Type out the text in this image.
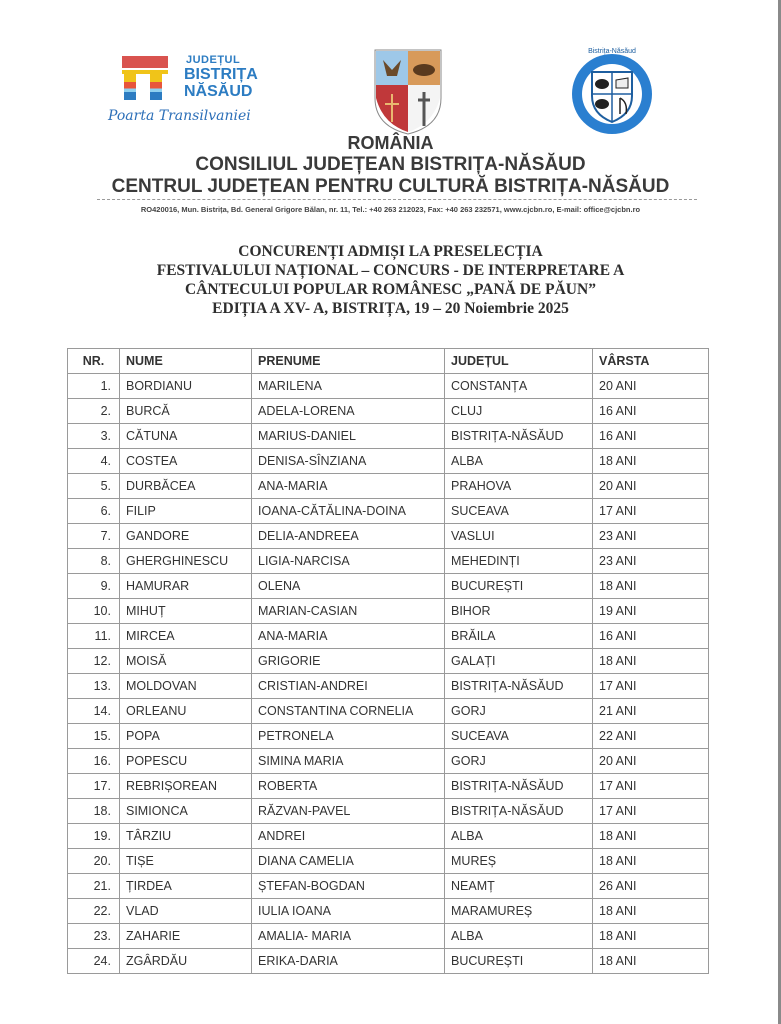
JUDEȚUL
BISTRIȚA
NĂSĂUD
Poarta Transilvaniei
Bistrița-Năsăud
ROMÂNIA
CONSILIUL JUDEȚEAN BISTRIȚA-NĂSĂUD
CENTRUL JUDEȚEAN PENTRU CULTURĂ BISTRIȚA-NĂSĂUD
RO420016, Mun. Bistrița, Bd. General Grigore Bălan, nr. 11, Tel.: +40 263 212023, Fax: +40 263 232571, www.cjcbn.ro, E-mail: office@cjcbn.ro
CONCURENȚI ADMIȘI LA PRESELECȚIA
FESTIVALULUI NAȚIONAL – CONCURS - DE INTERPRETARE A
CÂNTECULUI POPULAR ROMÂNESC „PANĂ DE PĂUN”
EDIȚIA A XV- A, BISTRIȚA, 19 – 20 Noiembrie 2025
NR.	NUME	PRENUME	JUDEȚUL	VÂRSTA
1.	BORDIANU	MARILENA	CONSTANȚA	20 ANI
2.	BURCĂ	ADELA-LORENA	CLUJ	16 ANI
3.	CĂTUNA	MARIUS-DANIEL	BISTRIȚA-NĂSĂUD	16 ANI
4.	COSTEA	DENISA-SÎNZIANA	ALBA	18 ANI
5.	DURBĂCEA	ANA-MARIA	PRAHOVA	20 ANI
6.	FILIP	IOANA-CĂTĂLINA-DOINA	SUCEAVA	17 ANI
7.	GANDORE	DELIA-ANDREEA	VASLUI	23 ANI
8.	GHERGHINESCU	LIGIA-NARCISA	MEHEDINȚI	23 ANI
9.	HAMURAR	OLENA	BUCUREȘTI	18 ANI
10.	MIHUȚ	MARIAN-CASIAN	BIHOR	19 ANI
11.	MIRCEA	ANA-MARIA	BRĂILA	16 ANI
12.	MOISĂ	GRIGORIE	GALAȚI	18 ANI
13.	MOLDOVAN	CRISTIAN-ANDREI	BISTRIȚA-NĂSĂUD	17 ANI
14.	ORLEANU	CONSTANTINA CORNELIA	GORJ	21 ANI
15.	POPA	PETRONELA	SUCEAVA	22 ANI
16.	POPESCU	SIMINA MARIA	GORJ	20 ANI
17.	REBRIȘOREAN	ROBERTA	BISTRIȚA-NĂSĂUD	17 ANI
18.	SIMIONCA	RĂZVAN-PAVEL	BISTRIȚA-NĂSĂUD	17 ANI
19.	TÂRZIU	ANDREI	ALBA	18 ANI
20.	TIȘE	DIANA CAMELIA	MUREȘ	18 ANI
21.	ȚIRDEA	ȘTEFAN-BOGDAN	NEAMȚ	26 ANI
22.	VLAD	IULIA IOANA	MARAMUREȘ	18 ANI
23.	ZAHARIE	AMALIA- MARIA	ALBA	18 ANI
24.	ZGÂRDĂU	ERIKA-DARIA	BUCUREȘTI	18 ANI
